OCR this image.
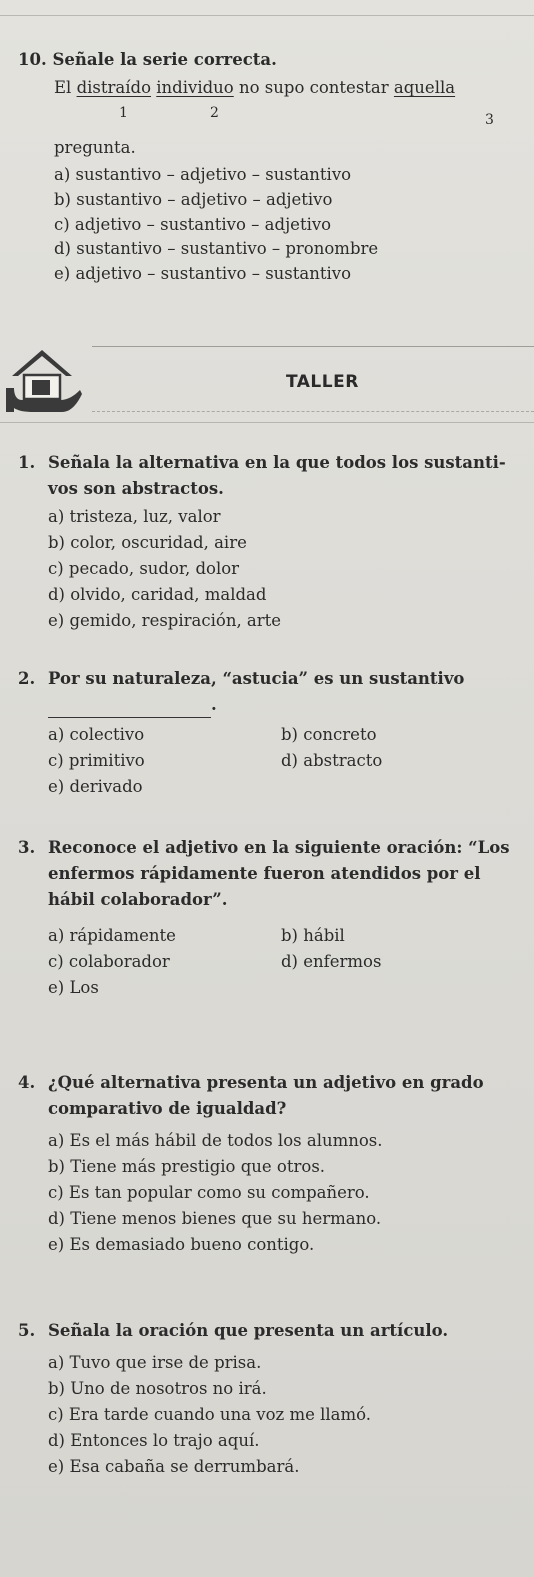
10. Señale la serie correcta.
El distraído individuo no supo contestar aquella
1	2	3
pregunta.
a) sustantivo – adjetivo – sustantivo
b) sustantivo – adjetivo – adjetivo
c) adjetivo – sustantivo – adjetivo
d) sustantivo – sustantivo – pronombre
e) adjetivo – sustantivo – sustantivo
TALLER
1. Señala la alternativa en la que todos los sustanti-
vos son abstractos.
a) tristeza, luz, valor
b) color, oscuridad, aire
c) pecado, sudor, dolor
d) olvido, caridad, maldad
e) gemido, respiración, arte
2. Por su naturaleza, “astucia” es un sustantivo
.
a) colectivo	b) concreto
c) primitivo	d) abstracto
e) derivado
3. Reconoce el adjetivo en la siguiente oración: “Los
enfermos rápidamente fueron atendidos por el
hábil colaborador”.
a) rápidamente	b) hábil
c) colaborador	d) enfermos
e) Los
4. ¿Qué alternativa presenta un adjetivo en grado
comparativo de igualdad?
a) Es el más hábil de todos los alumnos.
b) Tiene más prestigio que otros.
c) Es tan popular como su compañero.
d) Tiene menos bienes que su hermano.
e) Es demasiado bueno contigo.
5. Señala la oración que presenta un artículo.
a) Tuvo que irse de prisa.
b) Uno de nosotros no irá.
c) Era tarde cuando una voz me llamó.
d) Entonces lo trajo aquí.
e) Esa cabaña se derrumbará.
